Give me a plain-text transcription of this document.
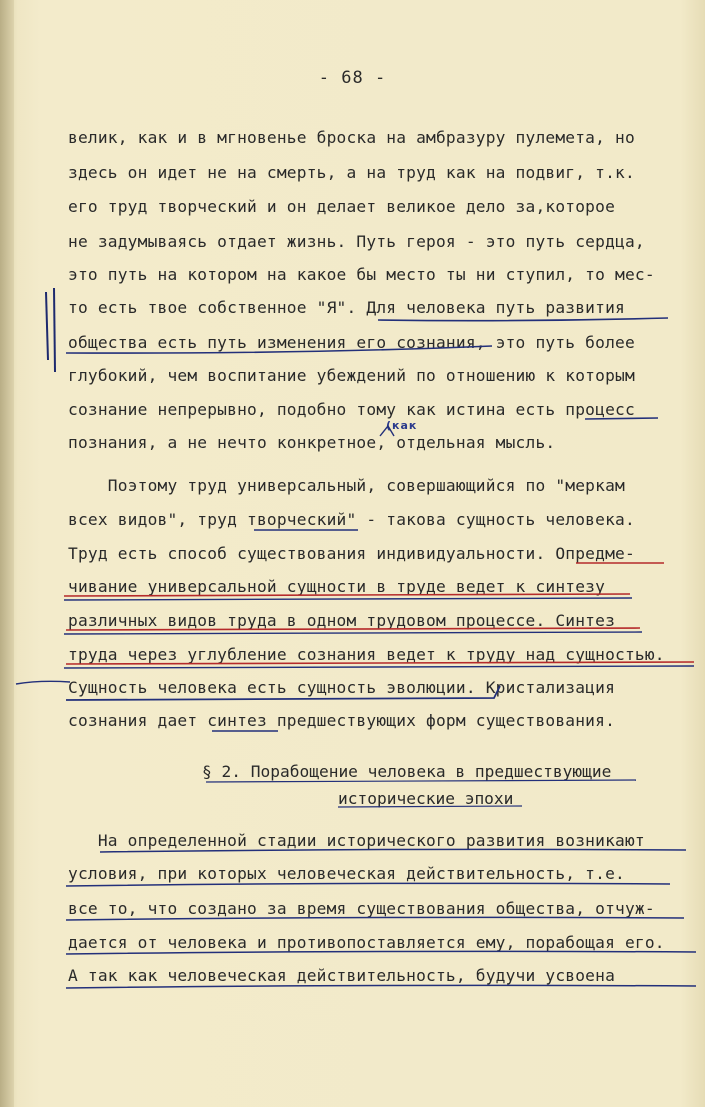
- 68 -
велик, как и в мгновенье броска на амбразуру пулемета, но
здесь он идет не на смерть, а на труд как на подвиг, т.к.
его труд творческий и он делает великое дело за,которое
не задумываясь отдает жизнь. Путь героя - это путь сердца,
это путь на котором на какое бы место ты ни ступил, то мес-
то есть твое собственное "Я". Для человека путь развития
общества есть путь изменения его сознания, это путь более
глубокий, чем воспитание убеждений по отношению к которым
сознание непрерывно, подобно тому как истина есть процесс
познания, а не нечто конкретное, отдельная мысль.
(как
Поэтому труд универсальный, совершающийся по "меркам
всех видов", труд творческий" - такова сущность человека.
Труд есть способ существования индивидуальности. Опредме-
чивание универсальной сущности в труде ведет к синтезу
различных видов труда в одном трудовом процессе. Синтез
труда через углубление сознания ведет к труду над сущностью.
Сущность человека есть сущность эволюции. Кристализация
сознания дает синтез предшествующих форм существования.
§ 2. Порабощение человека в предшествующие
исторические эпохи
На определенной стадии исторического развития возникают
условия, при которых человеческая действительность, т.е.
все то, что создано за время существования общества, отчуж-
дается от человека и противопоставляется ему, порабощая его.
А так как человеческая действительность, будучи усвоена
